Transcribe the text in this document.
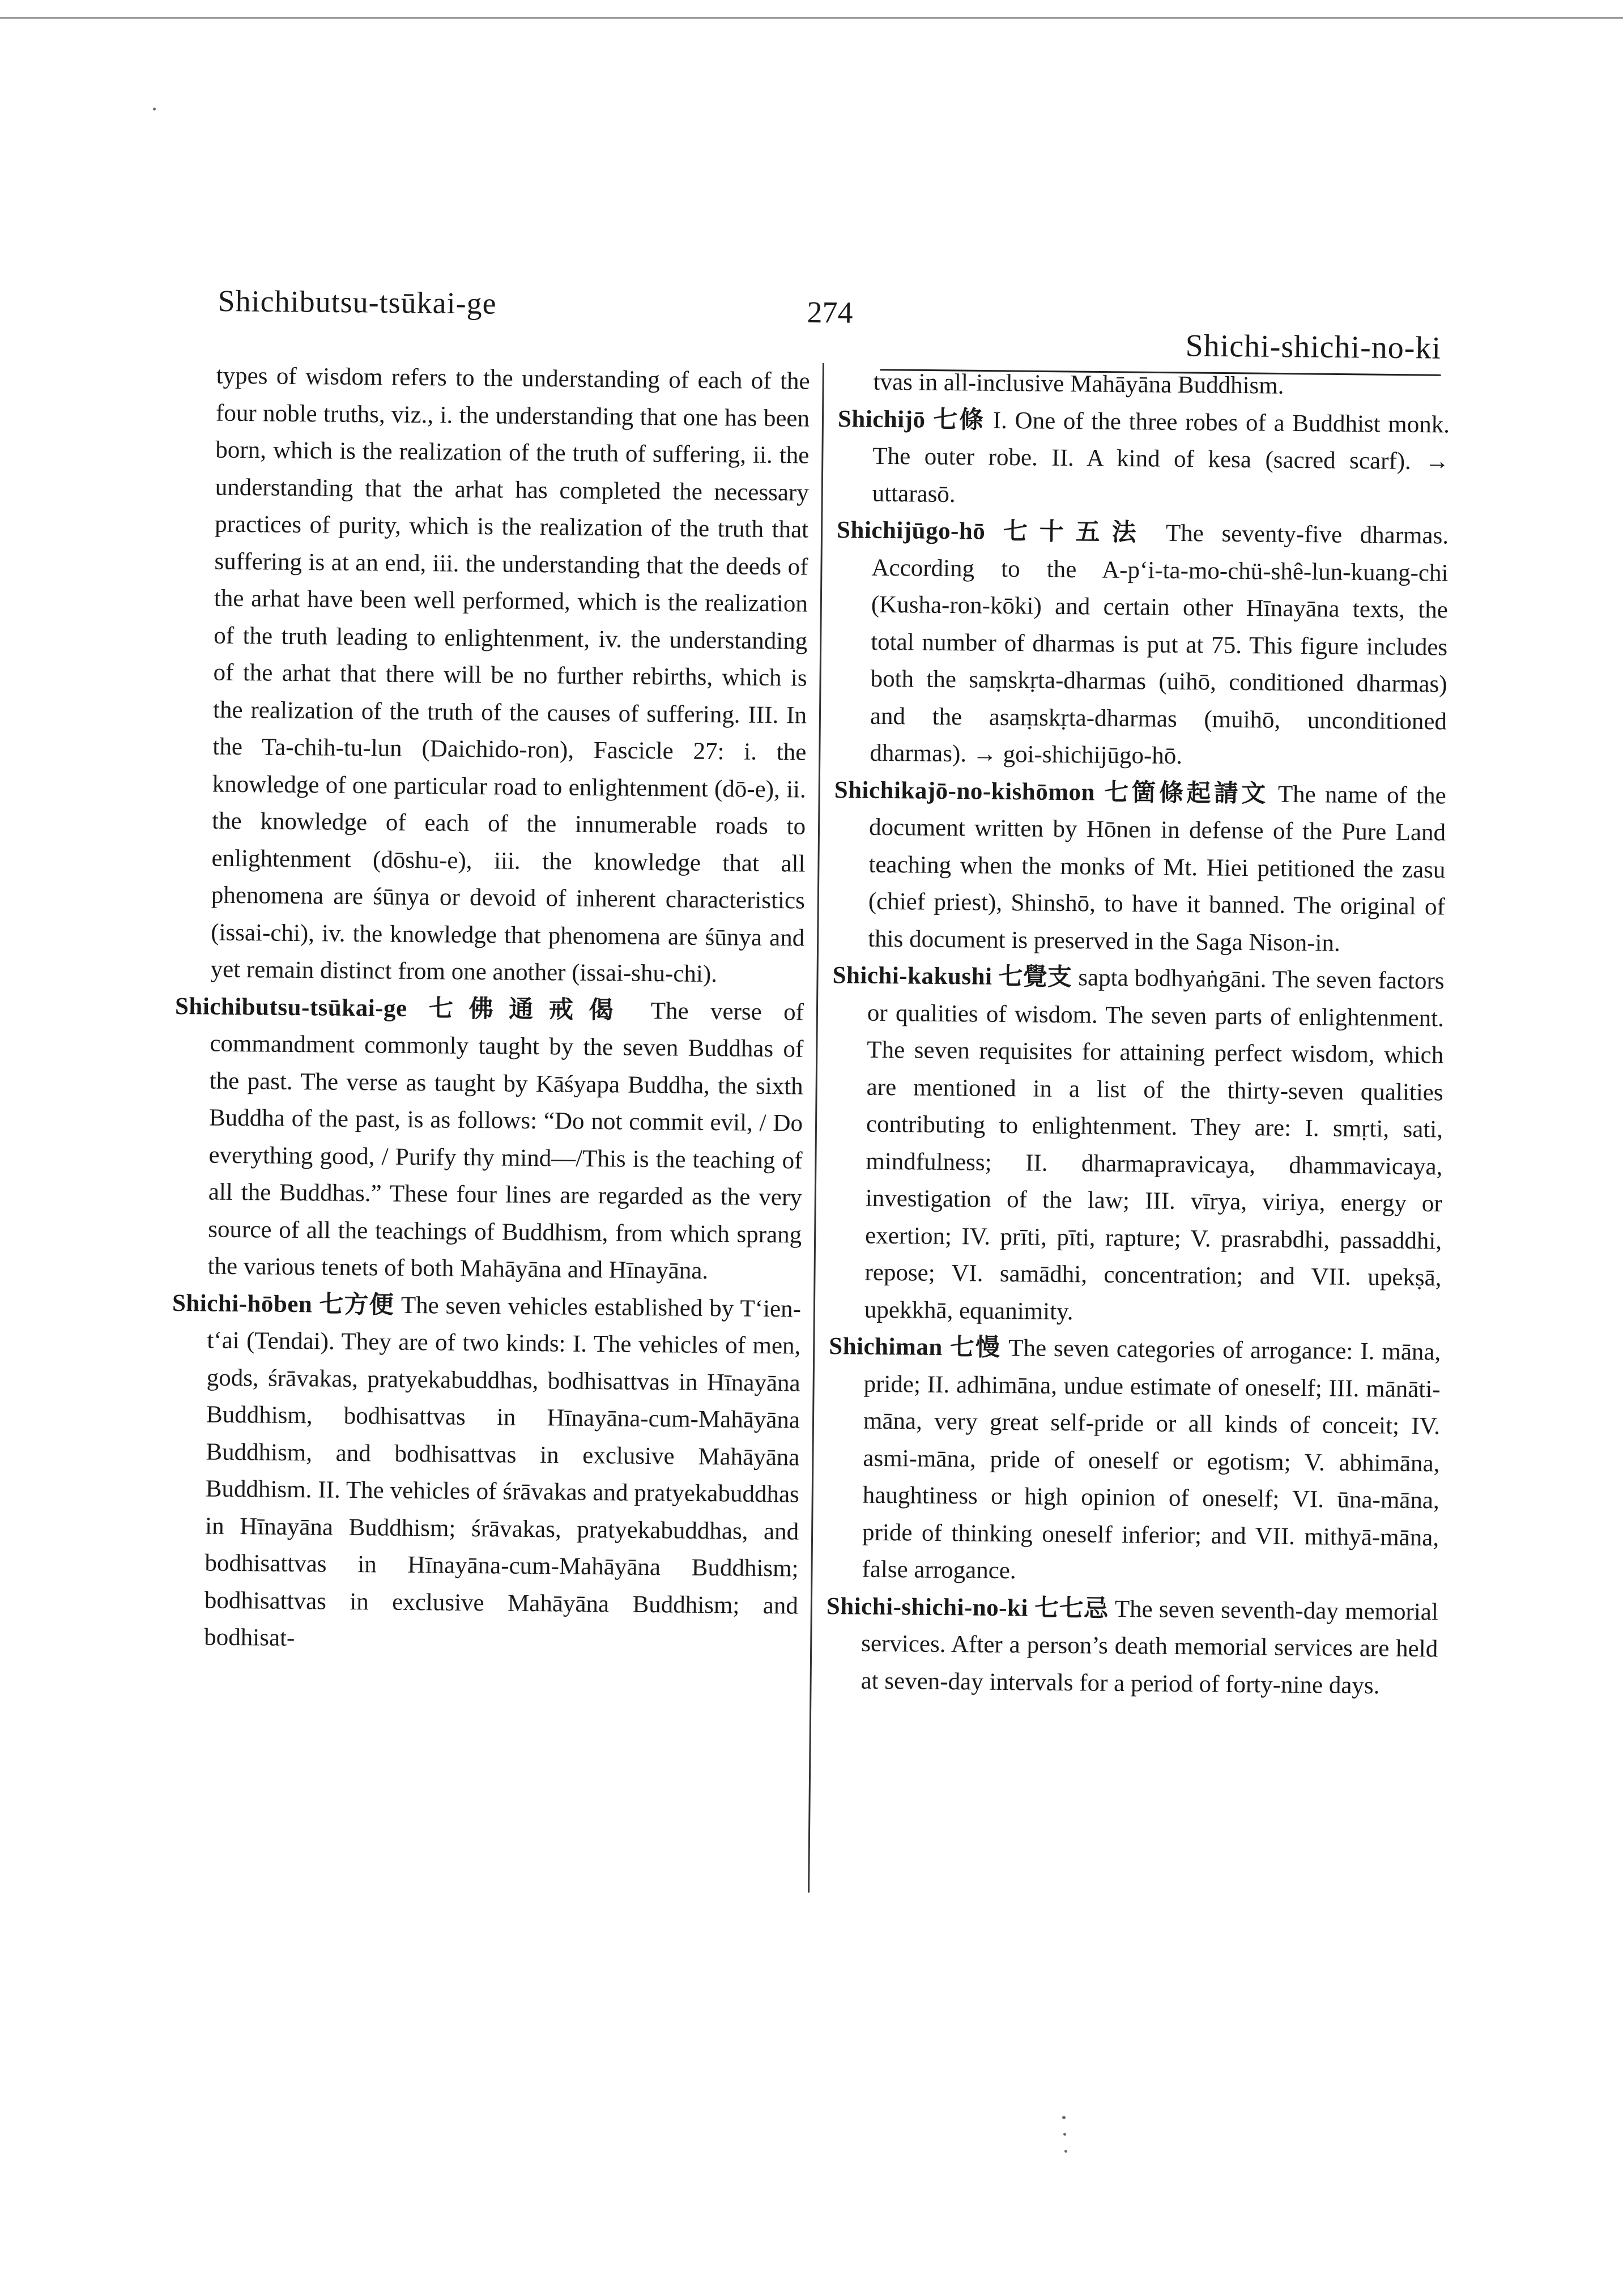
Shichibutsu-tsūkai-ge	274
Shichi-shichi-no-ki

types of wisdom refers to the understanding of each of the four noble truths, viz., i. the understanding that one has been born, which is the realization of the truth of suffering, ii. the understanding that the arhat has completed the necessary practices of purity, which is the realization of the truth that suffering is at an end, iii. the understanding that the deeds of the arhat have been well performed, which is the realization of the truth leading to enlightenment, iv. the understanding of the arhat that there will be no further rebirths, which is the realization of the truth of the causes of suffering. III. In the Ta-chih-tu-lun (Daichido-ron), Fascicle 27: i. the knowledge of one particular road to enlightenment (dō-e), ii. the knowledge of each of the innumerable roads to enlightenment (dōshu-e), iii. the knowledge that all phenomena are śūnya or devoid of inherent characteristics (issai-chi), iv. the knowledge that phenomena are śūnya and yet remain distinct from one another (issai-shu-chi).

Shichibutsu-tsūkai-ge 七佛通戒偈 The verse of commandment commonly taught by the seven Buddhas of the past. The verse as taught by Kāśyapa Buddha, the sixth Buddha of the past, is as follows: “Do not commit evil, / Do everything good, / Purify thy mind—/This is the teaching of all the Buddhas.” These four lines are regarded as the very source of all the teachings of Buddhism, from which sprang the various tenets of both Mahāyāna and Hīnayāna.

Shichi-hōben 七方便 The seven vehicles established by T‘ien-t‘ai (Tendai). They are of two kinds: I. The vehicles of men, gods, śrāvakas, pratyekabuddhas, bodhisattvas in Hīnayāna Buddhism, bodhisattvas in Hīnayāna-cum-Mahāyāna Buddhism, and bodhisattvas in exclusive Mahāyāna Buddhism. II. The vehicles of śrāvakas and pratyekabuddhas in Hīnayāna Buddhism; śrāvakas, pratyekabuddhas, and bodhisattvas in Hīnayāna-cum-Mahāyāna Buddhism; bodhisattvas in exclusive Mahāyāna Buddhism; and bodhisat-

tvas in all-inclusive Mahāyāna Buddhism.

Shichijō 七條 I. One of the three robes of a Buddhist monk. The outer robe. II. A kind of kesa (sacred scarf). → uttarasō.

Shichijūgo-hō 七十五法 The seventy-five dharmas. According to the A-p‘i-ta-mo-chü-shê-lun-kuang-chi (Kusha-ron-kōki) and certain other Hīnayāna texts, the total number of dharmas is put at 75. This figure includes both the saṃskṛta-dharmas (uihō, conditioned dharmas) and the asaṃskṛta-dharmas (muihō, unconditioned dharmas). → goi-shichijūgo-hō.

Shichikajō-no-kishōmon 七箇條起請文 The name of the document written by Hōnen in defense of the Pure Land teaching when the monks of Mt. Hiei petitioned the zasu (chief priest), Shinshō, to have it banned. The original of this document is preserved in the Saga Nison-in.

Shichi-kakushi 七覺支 sapta bodhyaṅgāni. The seven factors or qualities of wisdom. The seven parts of enlightenment. The seven requisites for attaining perfect wisdom, which are mentioned in a list of the thirty-seven qualities contributing to enlightenment. They are: I. smṛti, sati, mindfulness; II. dharmapravicaya, dhammavicaya, investigation of the law; III. vīrya, viriya, energy or exertion; IV. prīti, pīti, rapture; V. prasrabdhi, passaddhi, repose; VI. samādhi, concentration; and VII. upekṣā, upekkhā, equanimity.

Shichiman 七慢 The seven categories of arrogance: I. māna, pride; II. adhimāna, undue estimate of oneself; III. mānāti-māna, very great self-pride or all kinds of conceit; IV. asmi-māna, pride of oneself or egotism; V. abhimāna, haughtiness or high opinion of oneself; VI. ūna-māna, pride of thinking oneself inferior; and VII. mithyā-māna, false arrogance.

Shichi-shichi-no-ki 七七忌 The seven seventh-day memorial services. After a person’s death memorial services are held at seven-day intervals for a period of forty-nine days.
